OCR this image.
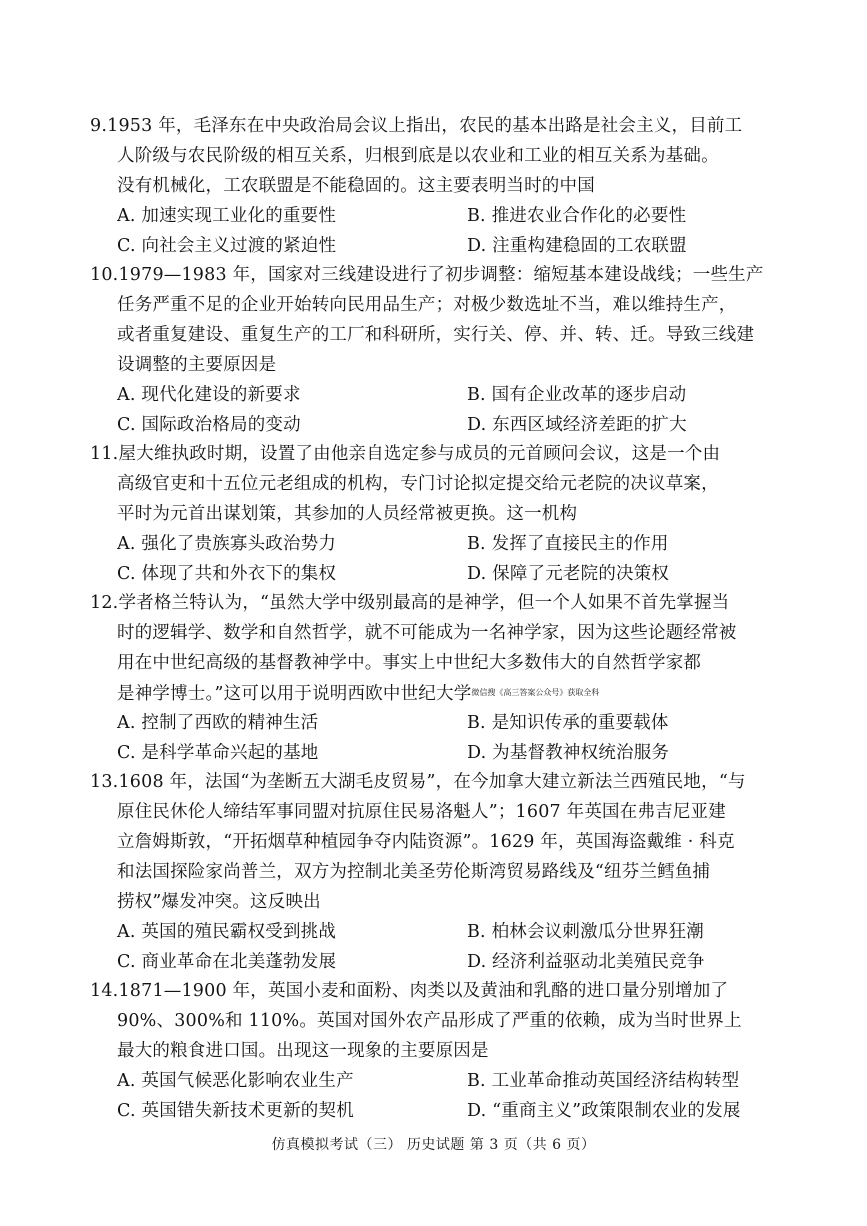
9.1953 年，毛泽东在中央政治局会议上指出，农民的基本出路是社会主义，目前工
人阶级与农民阶级的相互关系，归根到底是以农业和工业的相互关系为基础。
没有机械化，工农联盟是不能稳固的。这主要表明当时的中国
A. 加速实现工业化的重要性	B. 推进农业合作化的必要性
C. 向社会主义过渡的紧迫性	D. 注重构建稳固的工农联盟
10.1979—1983 年，国家对三线建设进行了初步调整：缩短基本建设战线；一些生产
任务严重不足的企业开始转向民用品生产；对极少数选址不当，难以维持生产，
或者重复建设、重复生产的工厂和科研所，实行关、停、并、转、迁。导致三线建
设调整的主要原因是
A. 现代化建设的新要求	B. 国有企业改革的逐步启动
C. 国际政治格局的变动	D. 东西区域经济差距的扩大
11.屋大维执政时期，设置了由他亲自选定参与成员的元首顾问会议，这是一个由
高级官吏和十五位元老组成的机构，专门讨论拟定提交给元老院的决议草案，
平时为元首出谋划策，其参加的人员经常被更换。这一机构
A. 强化了贵族寡头政治势力	B. 发挥了直接民主的作用
C. 体现了共和外衣下的集权	D. 保障了元老院的决策权
12.学者格兰特认为，“虽然大学中级别最高的是神学，但一个人如果不首先掌握当
时的逻辑学、数学和自然哲学，就不可能成为一名神学家，因为这些论题经常被
用在中世纪高级的基督教神学中。事实上中世纪大多数伟大的自然哲学家都
是神学博士。”这可以用于说明西欧中世纪大学$^{微信搜《高三答案公众号》获取全科}$
A. 控制了西欧的精神生活	B. 是知识传承的重要载体
C. 是科学革命兴起的基地	D. 为基督教神权统治服务
13.1608 年，法国“为垄断五大湖毛皮贸易”，在今加拿大建立新法兰西殖民地，“与
原住民休伦人缔结军事同盟对抗原住民易洛魁人”；1607 年英国在弗吉尼亚建
立詹姆斯敦，“开拓烟草种植园争夺内陆资源”。1629 年，英国海盗戴维 · 科克
和法国探险家尚普兰，双方为控制北美圣劳伦斯湾贸易路线及“纽芬兰鳕鱼捕
捞权”爆发冲突。这反映出
A. 英国的殖民霸权受到挑战	B. 柏林会议刺激瓜分世界狂潮
C. 商业革命在北美蓬勃发展	D. 经济利益驱动北美殖民竞争
14.1871—1900 年，英国小麦和面粉、肉类以及黄油和乳酪的进口量分别增加了
90%、300%和 110%。英国对国外农产品形成了严重的依赖，成为当时世界上
最大的粮食进口国。出现这一现象的主要原因是
A. 英国气候恶化影响农业生产	B. 工业革命推动英国经济结构转型
C. 英国错失新技术更新的契机	D. “重商主义”政策限制农业的发展
仿真模拟考试（三） 历史试题 第 3 页（共 6 页）
